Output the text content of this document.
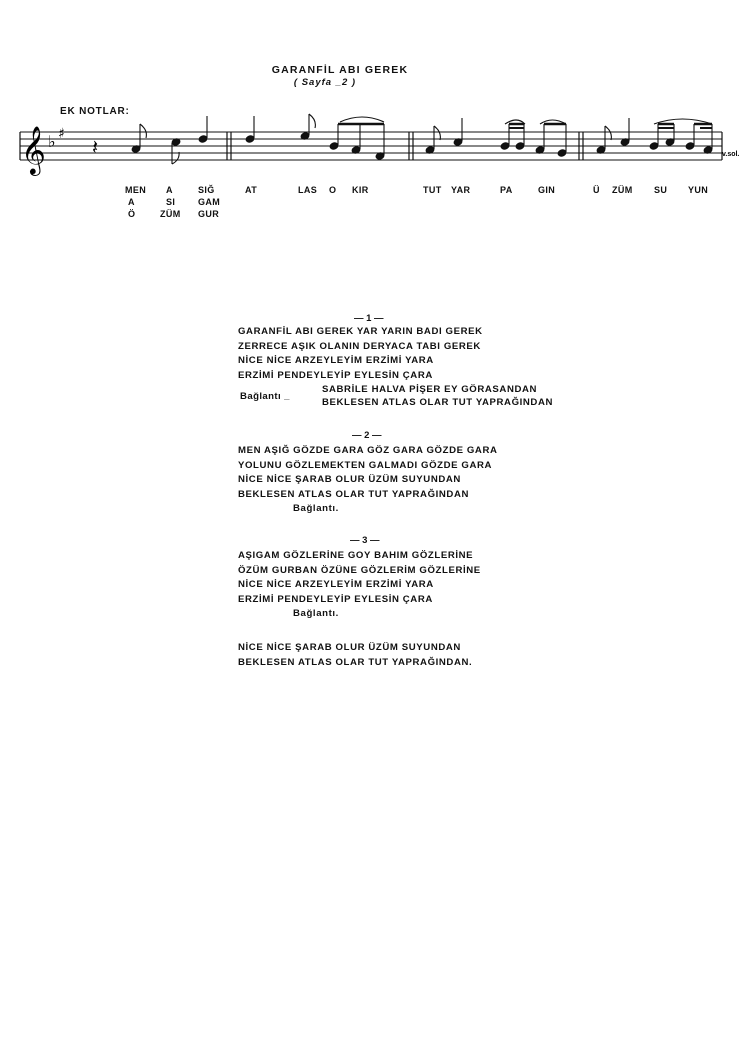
GARANFİL ABI GEREK
( Sayfa _2 )
EK NOTLAR:
𝄞 ♭ ♯
𝄽	v.sol.
MEN A	SIĞ	AT	LAS O KIR	TUT YAR	PA	GIN	Ü ZÜM SU YUN
A	SI	GAM
Ö	ZÜM GUR
— 1 —
GARANFİL ABI GEREK YAR YARIN BADI GEREK
ZERRECE AŞIK OLANIN DERYACA TABI GEREK
NİCE NİCE ARZEYLEYİM ERZİMİ YARA
ERZİMİ PENDEYLEYİP EYLESİN ÇARA
Bağlantı _
SABRİLE HALVA PİŞER EY GÖRASANDAN
BEKLESEN ATLAS OLAR TUT YAPRAĞINDAN
— 2 —
MEN AŞIĞ GÖZDE GARA GÖZ GARA GÖZDE GARA
YOLUNU GÖZLEMEKTEN GALMADI GÖZDE GARA
NİCE NİCE ŞARAB OLUR ÜZÜM SUYUNDAN
BEKLESEN ATLAS OLAR TUT YAPRAĞINDAN
Bağlantı.
— 3 —
AŞIGAM GÖZLERİNE GOY BAHIM GÖZLERİNE
ÖZÜM GURBAN ÖZÜNE GÖZLERİM GÖZLERİNE
NİCE NİCE ARZEYLEYİM ERZİMİ YARA
ERZİMİ PENDEYLEYİP EYLESİN ÇARA
Bağlantı.
NİCE NİCE ŞARAB OLUR ÜZÜM SUYUNDAN
BEKLESEN ATLAS OLAR TUT YAPRAĞINDAN.
